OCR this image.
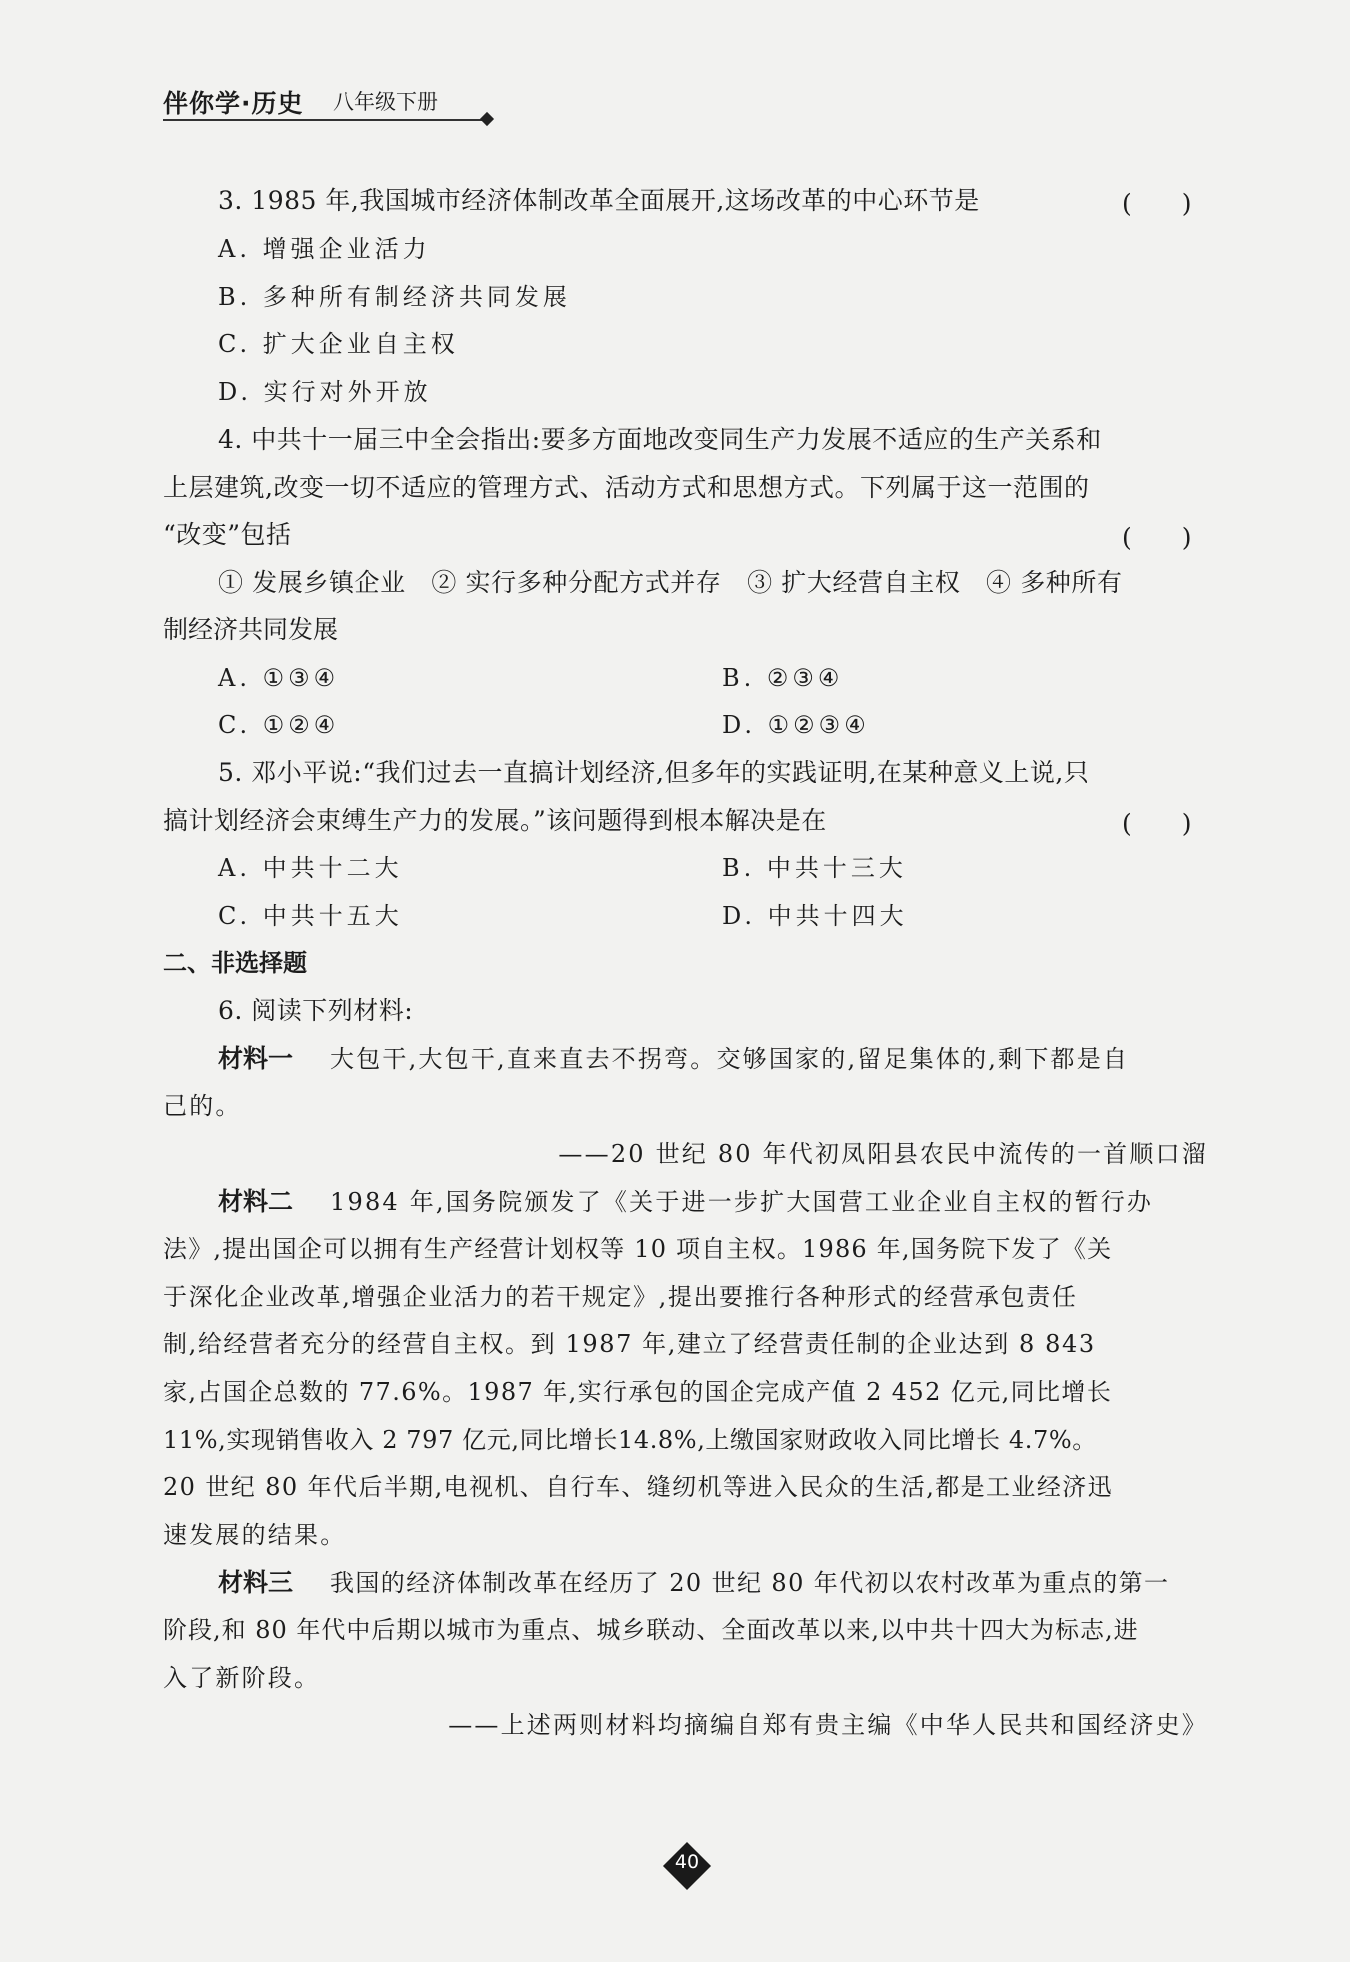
伴你学·历史 八年级下册
3. 1985 年,我国城市经济体制改革全面展开,这场改革的中心环节是	(　　)
A. 增强企业活力
B. 多种所有制经济共同发展
C. 扩大企业自主权
D. 实行对外开放
4. 中共十一届三中全会指出:要多方面地改变同生产力发展不适应的生产关系和
上层建筑,改变一切不适应的管理方式、活动方式和思想方式。下列属于这一范围的
“改变”包括	(　　)
① 发展乡镇企业　② 实行多种分配方式并存　③ 扩大经营自主权　④ 多种所有
制经济共同发展
A. ①③④	B. ②③④
C. ①②④	D. ①②③④
5. 邓小平说:“我们过去一直搞计划经济,但多年的实践证明,在某种意义上说,只
搞计划经济会束缚生产力的发展。”该问题得到根本解决是在	(　　)
A. 中共十二大	B. 中共十三大
C. 中共十五大	D. 中共十四大
二、非选择题
6. 阅读下列材料:
材料一 大包干,大包干,直来直去不拐弯。交够国家的,留足集体的,剩下都是自
己的。
——20 世纪 80 年代初凤阳县农民中流传的一首顺口溜
材料二 1984 年,国务院颁发了《关于进一步扩大国营工业企业自主权的暂行办
法》,提出国企可以拥有生产经营计划权等 10 项自主权。1986 年,国务院下发了《关
于深化企业改革,增强企业活力的若干规定》,提出要推行各种形式的经营承包责任
制,给经营者充分的经营自主权。到 1987 年,建立了经营责任制的企业达到 8 843
家,占国企总数的 77.6%。1987 年,实行承包的国企完成产值 2 452 亿元,同比增长
11%,实现销售收入 2 797 亿元,同比增长14.8%,上缴国家财政收入同比增长 4.7%。
20 世纪 80 年代后半期,电视机、自行车、缝纫机等进入民众的生活,都是工业经济迅
速发展的结果。
材料三 我国的经济体制改革在经历了 20 世纪 80 年代初以农村改革为重点的第一
阶段,和 80 年代中后期以城市为重点、城乡联动、全面改革以来,以中共十四大为标志,进
入了新阶段。
——上述两则材料均摘编自郑有贵主编《中华人民共和国经济史》
40
